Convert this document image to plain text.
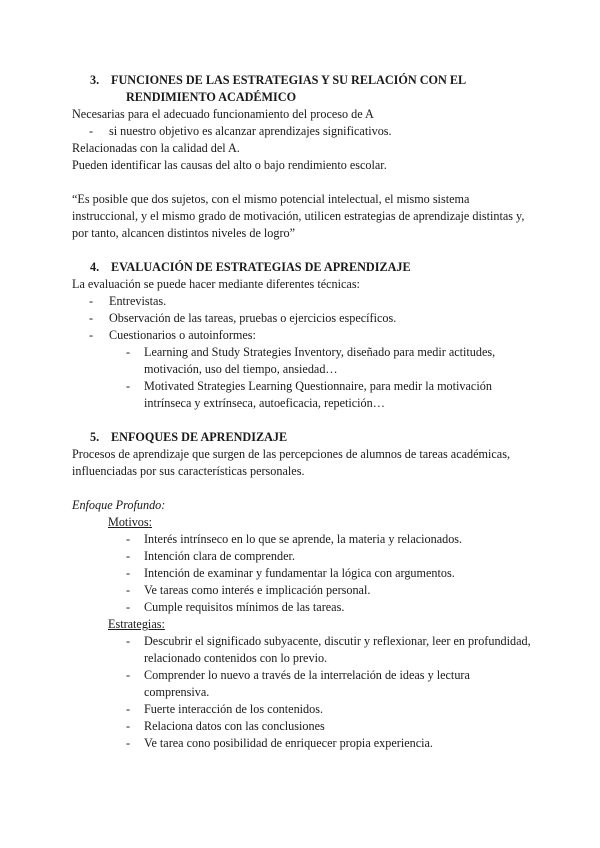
3. FUNCIONES DE LAS ESTRATEGIAS Y SU RELACIÓN CON EL
RENDIMIENTO ACADÉMICO

Necesarias para el adecuado funcionamiento del proceso de A

- si nuestro objetivo es alcanzar aprendizajes significativos.

Relacionadas con la calidad del A.

Pueden identificar las causas del alto o bajo rendimiento escolar.

“Es posible que dos sujetos, con el mismo potencial intelectual, el mismo sistema instruccional, y el mismo grado de motivación, utilicen estrategias de aprendizaje distintas y, por tanto, alcancen distintos niveles de logro”

4. EVALUACIÓN DE ESTRATEGIAS DE APRENDIZAJE

La evaluación se puede hacer mediante diferentes técnicas:

- Entrevistas.
- Observación de las tareas, pruebas o ejercicios específicos.
- Cuestionarios o autoinformes:
- Learning and Study Strategies Inventory, diseñado para medir actitudes, motivación, uso del tiempo, ansiedad…
- Motivated Strategies Learning Questionnaire, para medir la motivación intrínseca y extrínseca, autoeficacia, repetición…
5. ENFOQUES DE APRENDIZAJE

Procesos de aprendizaje que surgen de las percepciones de alumnos de tareas académicas, influenciadas por sus características personales.

Enfoque Profundo:

Motivos:

- Interés intrínseco en lo que se aprende, la materia y relacionados.
- Intención clara de comprender.
- Intención de examinar y fundamentar la lógica con argumentos.
- Ve tareas como interés e implicación personal.
- Cumple requisitos mínimos de las tareas.

Estrategias:

- Descubrir el significado subyacente, discutir y reflexionar, leer en profundidad, relacionado contenidos con lo previo.
- Comprender lo nuevo a través de la interrelación de ideas y lectura comprensiva.
- Fuerte interacción de los contenidos.
- Relaciona datos con las conclusiones
- Ve tarea cono posibilidad de enriquecer propia experiencia.
